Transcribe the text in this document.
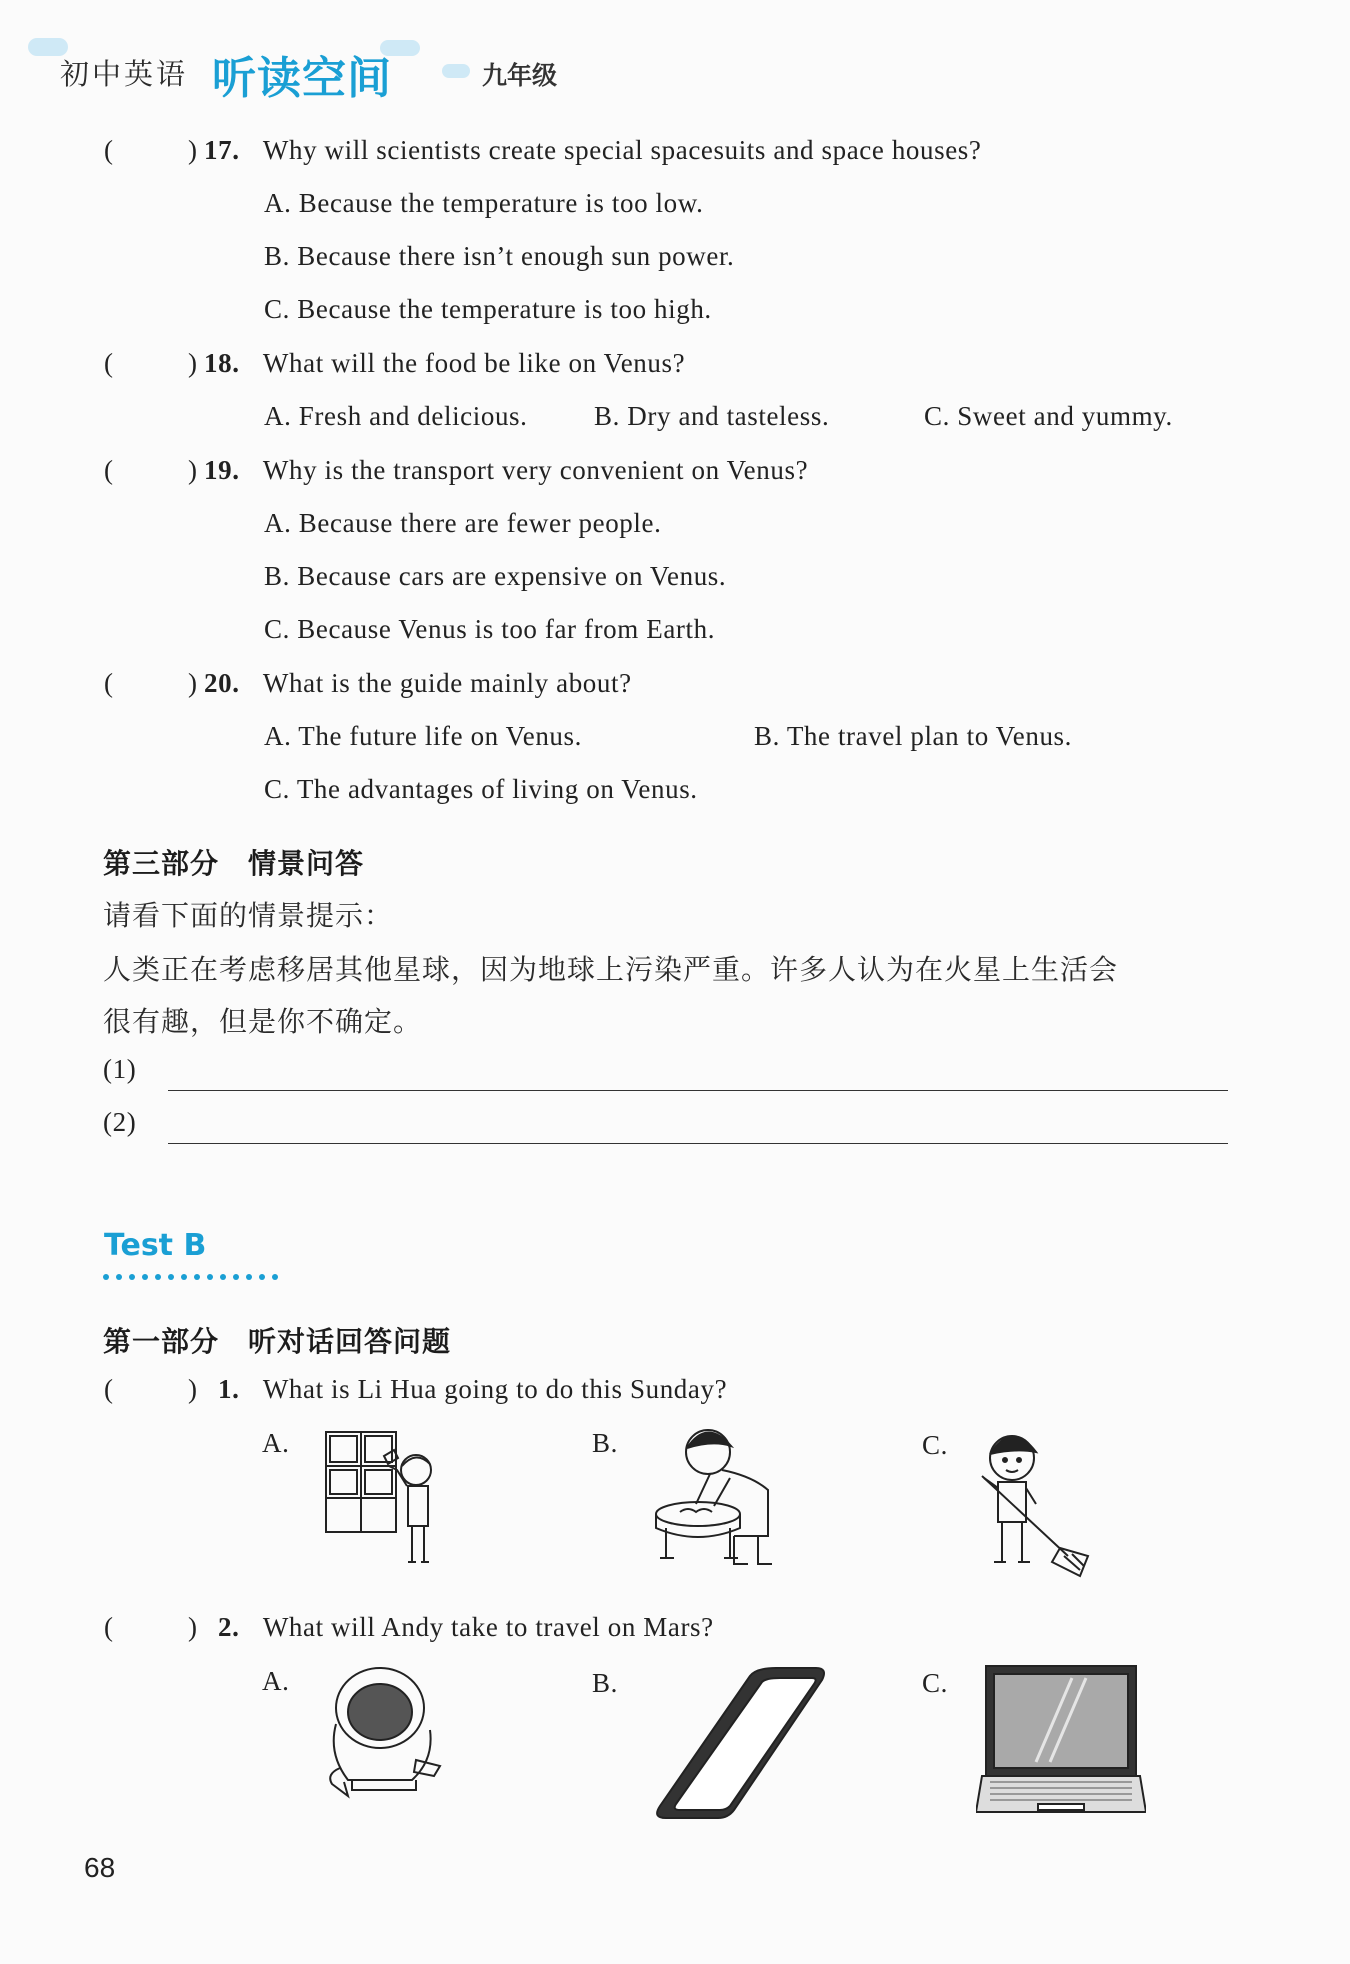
初中英语 听读空间	九年级
(	) 17. Why will scientists create special spacesuits and space houses?
A. Because the temperature is too low.
B. Because there isn’t enough sun power.
C. Because the temperature is too high.
(	) 18. What will the food be like on Venus?
A. Fresh and delicious. B. Dry and tasteless.	C. Sweet and yummy.
(	) 19. Why is the transport very convenient on Venus?
A. Because there are fewer people.
B. Because cars are expensive on Venus.
C. Because Venus is too far from Earth.
(	) 20. What is the guide mainly about?
A. The future life on Venus.	B. The travel plan to Venus.
C. The advantages of living on Venus.
第三部分　情景问答
请看下面的情景提示：
人类正在考虑移居其他星球，因为地球上污染严重。许多人认为在火星上生活会
很有趣，但是你不确定。
(1)
(2)
Test B
第一部分　听对话回答问题
(	) 1. What is Li Hua going to do this Sunday?
A.	B.	C.
(	) 2. What will Andy take to travel on Mars?
A.	B.	C.
68
